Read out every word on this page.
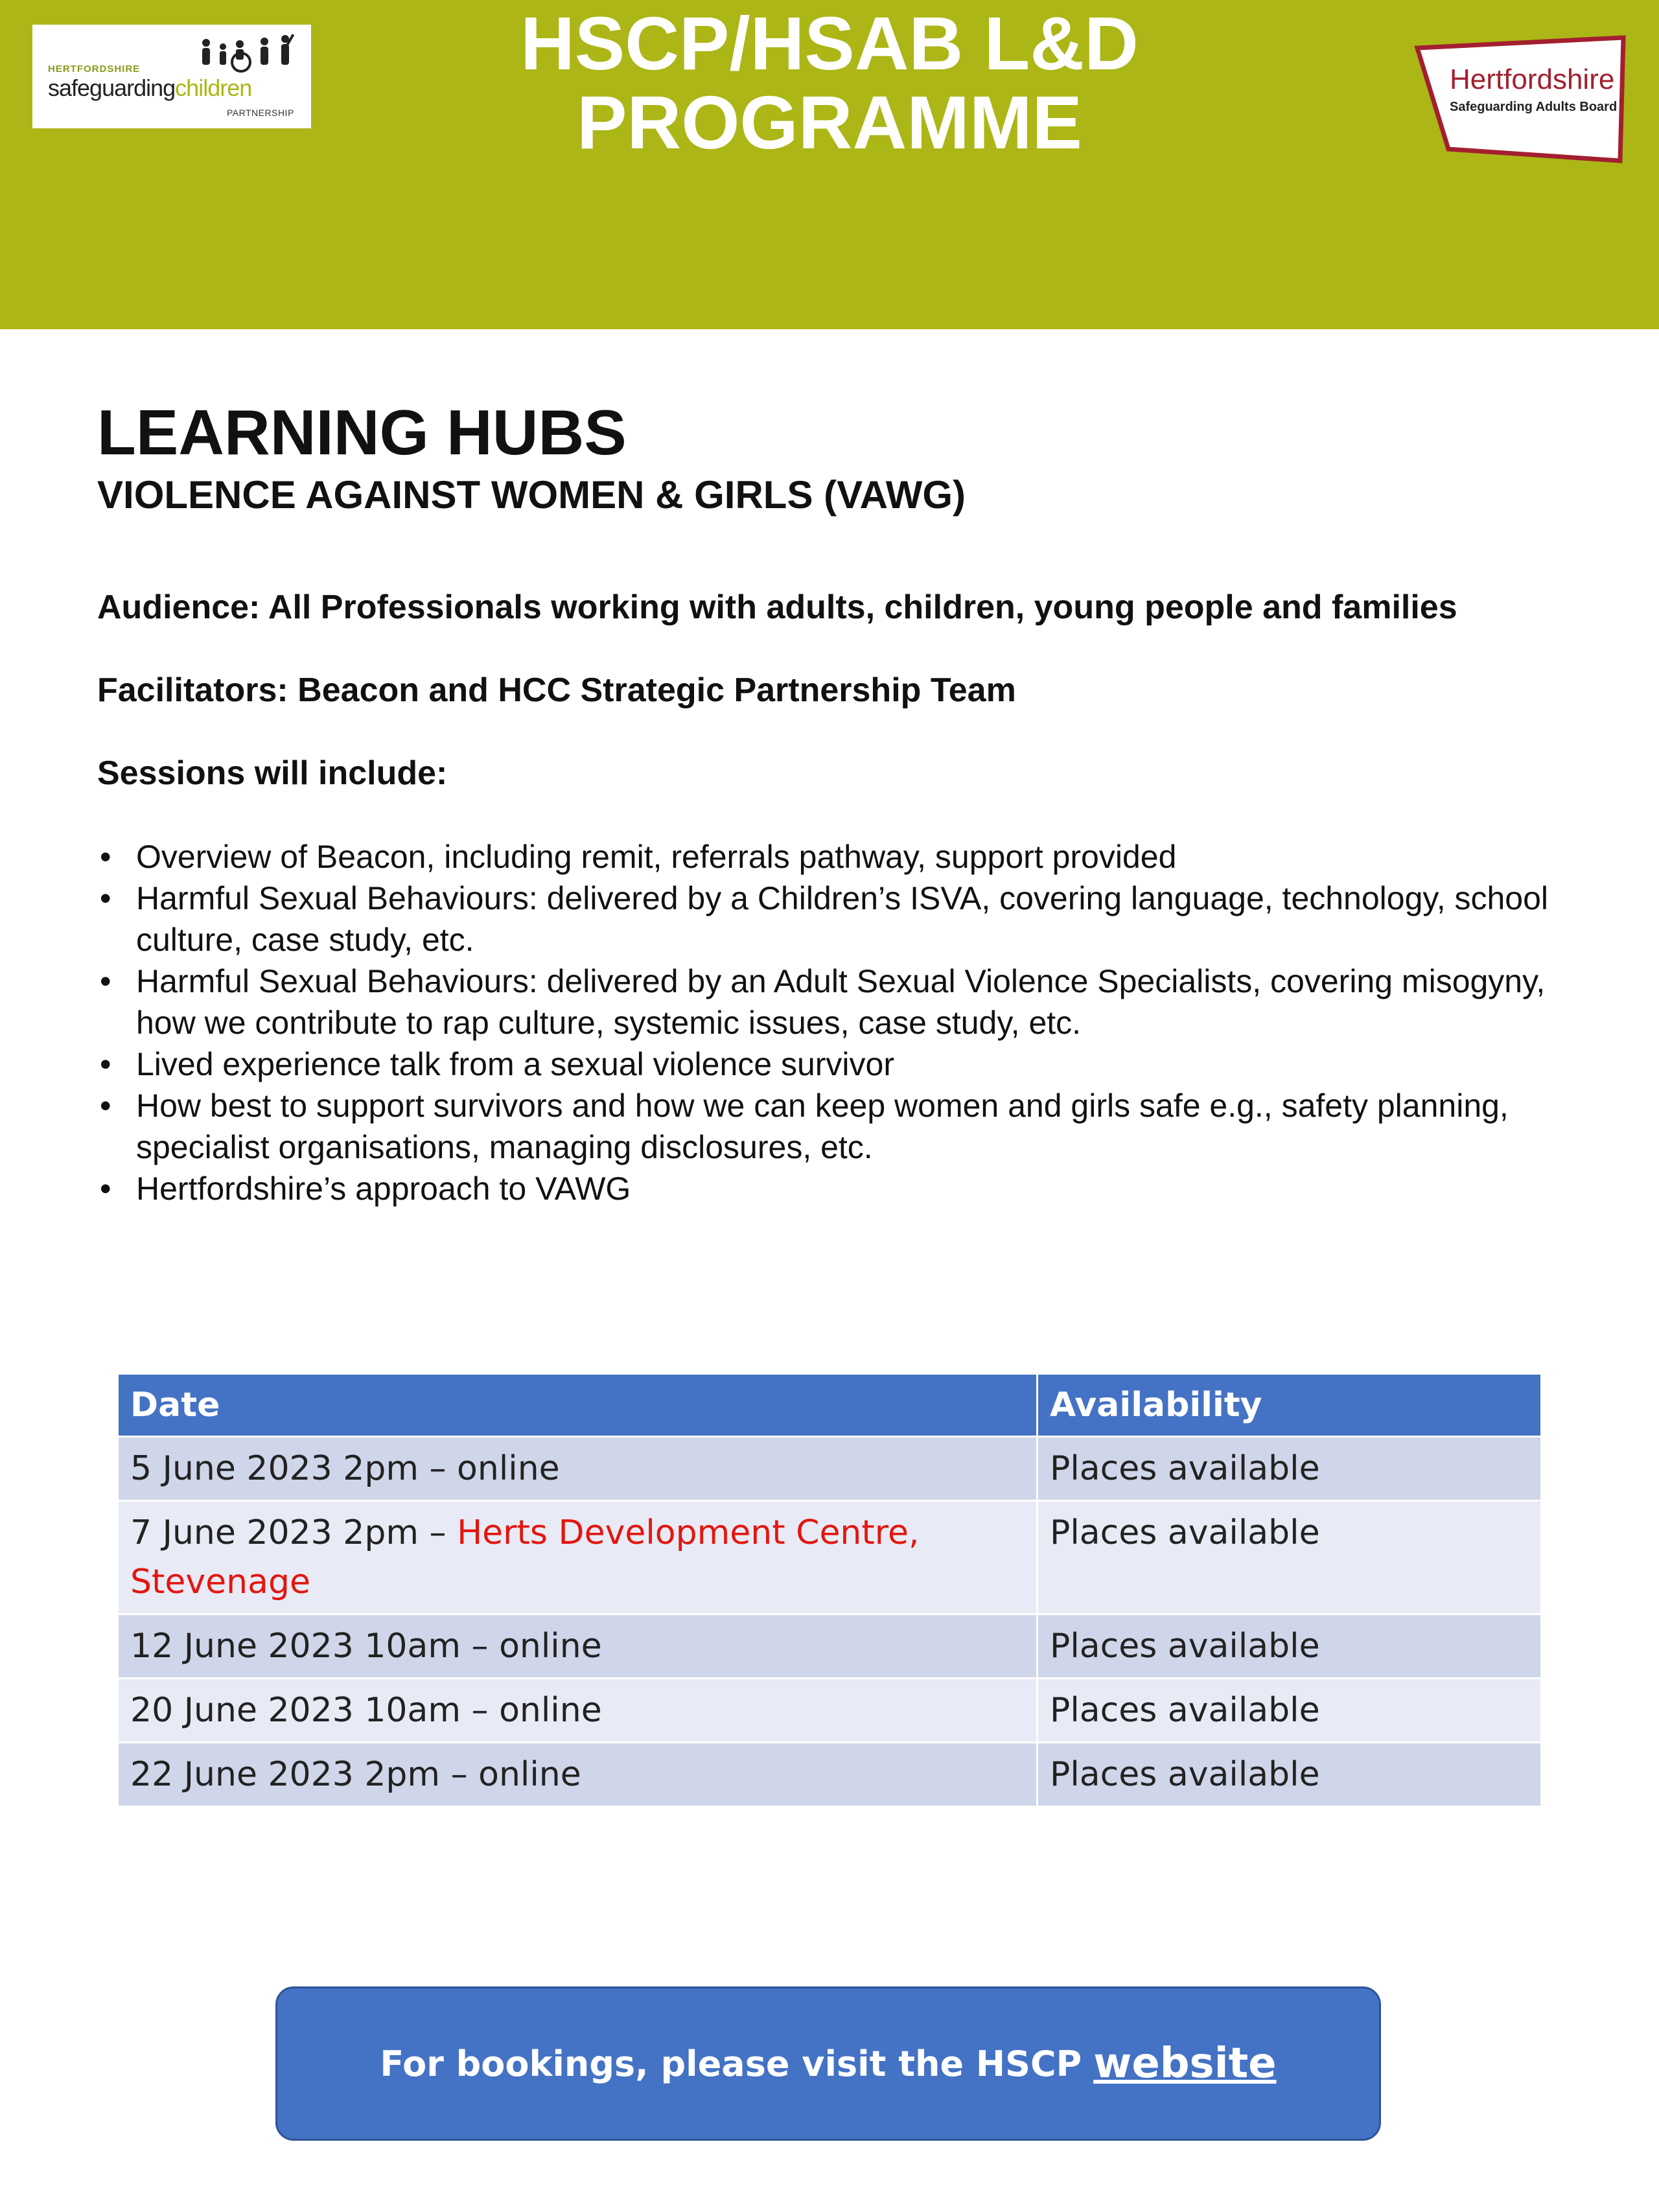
HERTFORDSHIRE
safeguardingchildren
PARTNERSHIP
HSCP/HSAB L&D
PROGRAMME
Hertfordshire
Safeguarding Adults Board
LEARNING HUBS
VIOLENCE AGAINST WOMEN & GIRLS (VAWG)

Audience: All Professionals working with adults, children, young people and families

Facilitators: Beacon and HCC Strategic Partnership Team

Sessions will include:

• Overview of Beacon, including remit, referrals pathway, support provided
• Harmful Sexual Behaviours: delivered by a Children’s ISVA, covering language, technology, school culture, case study, etc.
• Harmful Sexual Behaviours: delivered by an Adult Sexual Violence Specialists, covering misogyny, how we contribute to rap culture, systemic issues, case study, etc.
• Lived experience talk from a sexual violence survivor
• How best to support survivors and how we can keep women and girls safe e.g., safety planning, specialist organisations, managing disclosures, etc.
• Hertfordshire’s approach to VAWG
Date	Availability
5 June 2023 2pm – online	Places available
7 June 2023 2pm – Herts Development Centre, Stevenage	Places available
12 June 2023 10am – online	Places available
20 June 2023 10am – online	Places available
22 June 2023 2pm – online	Places available
For bookings, please visit the HSCP website
